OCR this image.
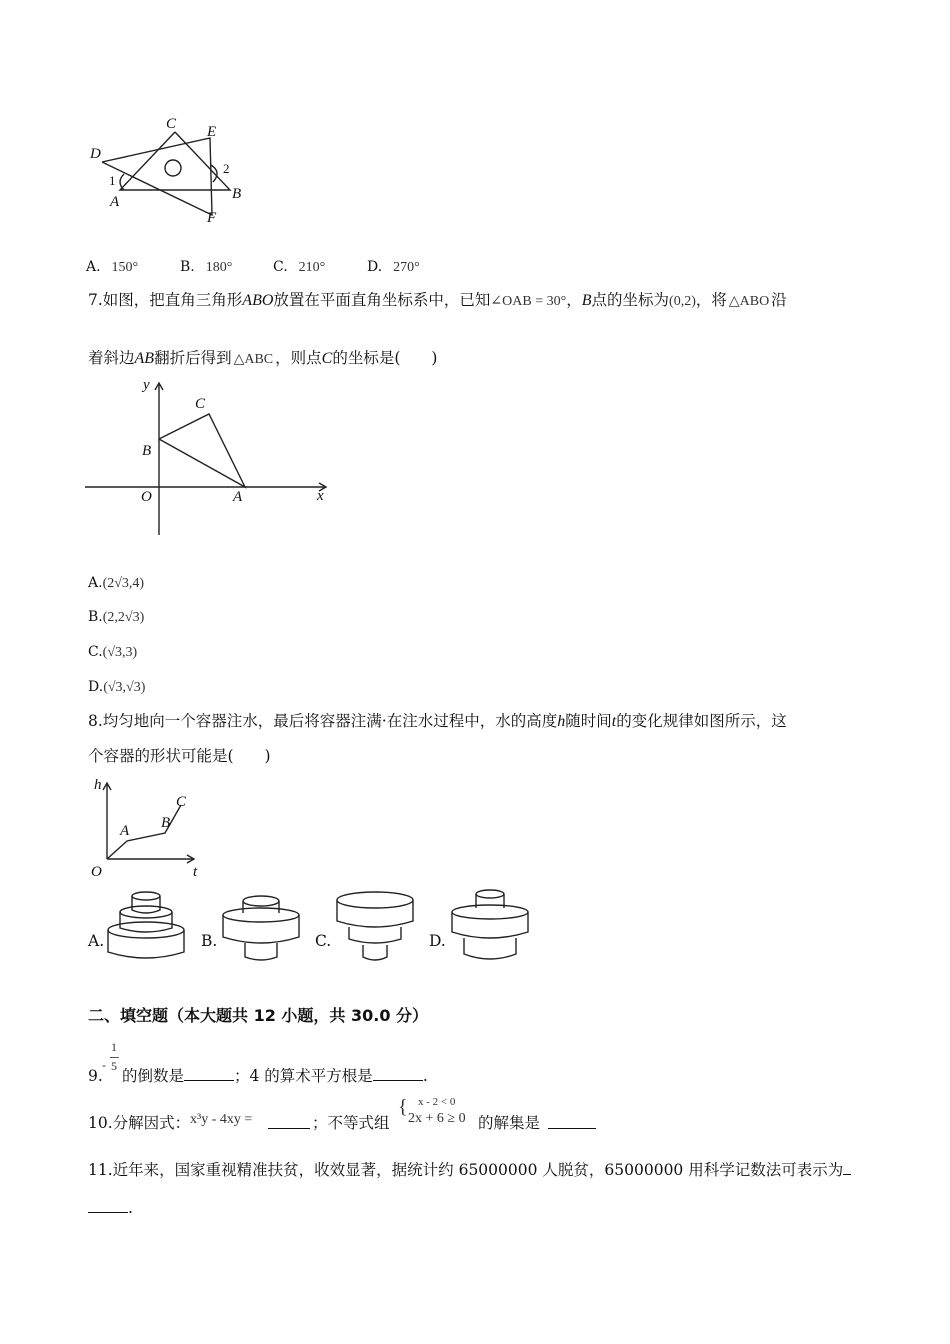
C E
D
1
2
A	B
F
A. 150°	B. 180°	C. 210°	D. 270°
7.如图，把直角三角形ABO放置在平面直角坐标系中，已知∠OAB = 30°，B点的坐标为(0,2)，将 △ABO 沿
着斜边AB翻折后得到 △ABC ，则点C的坐标是(　　)
y
C
B
O	A	x
A.(2√3,4)
B.(2,2√3)
C.(√3,3)
D.(√3,√3)
8.均匀地向一个容器注水，最后将容器注满·在注水过程中，水的高度h随时间t的变化规律如图所示，这
个容器的形状可能是(　　)
h
C
A B
O	t
A.	B.	C.	D.
二、填空题（本大题共 12 小题，共 30.0 分）
9.
-
1
5
的倒数是	；4 的算术平方根是	.
10.分解因式： x³y - 4xy =	；不等式组
{ x - 2 < 0
2x + 6 ≥ 0 的解集是
11.近年来，国家重视精准扶贫，收效显著，据统计约 65000000 人脱贫，65000000 用科学记数法可表示为
.
